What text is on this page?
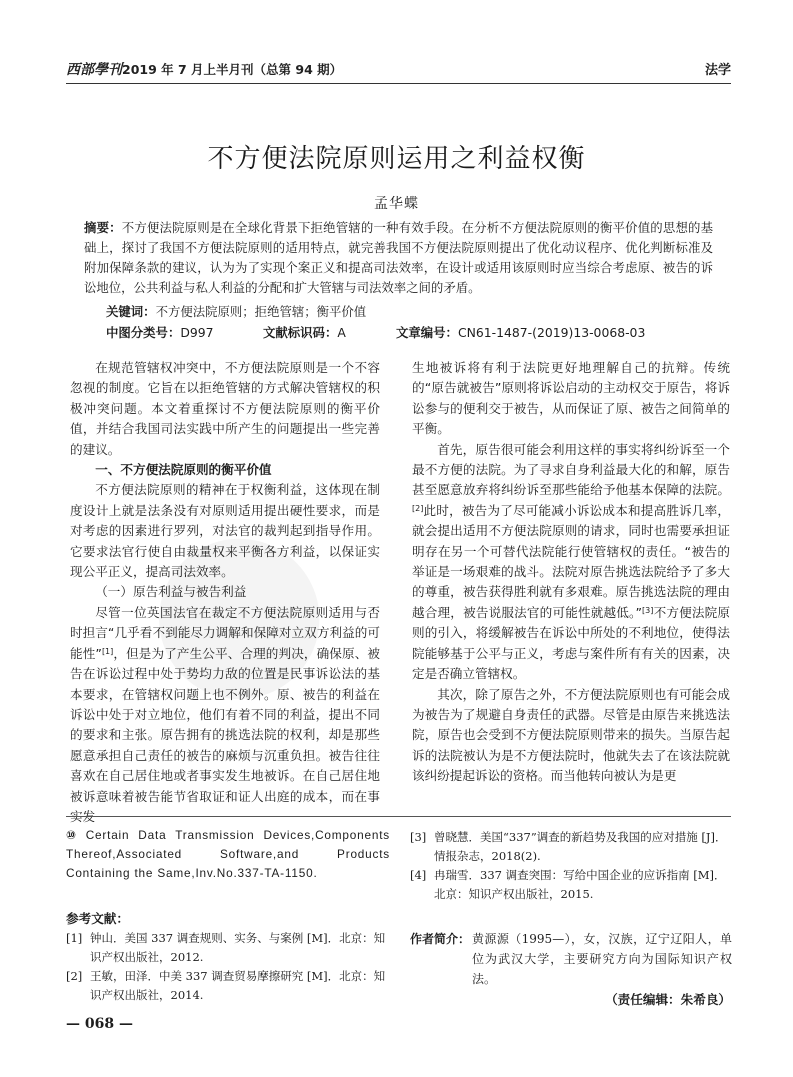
西部學刊2019 年 7 月上半月刊（总第 94 期）	法学
不方便法院原则运用之利益权衡
孟华蝶
摘要：不方便法院原则是在全球化背景下拒绝管辖的一种有效手段。在分析不方便法院原则的衡平价值的思想的基础上，探讨了我国不方便法院原则的适用特点，就完善我国不方便法院原则提出了优化动议程序、优化判断标准及附加保障条款的建议，认为为了实现个案正义和提高司法效率，在设计或适用该原则时应当综合考虑原、被告的诉讼地位，公共利益与私人利益的分配和扩大管辖与司法效率之间的矛盾。
关键词：不方便法院原则；拒绝管辖；衡平价值
中图分类号：D997	文献标识码：A	文章编号：CN61-1487-(2019)13-0068-03

在规范管辖权冲突中，不方便法院原则是一个不容忽视的制度。它旨在以拒绝管辖的方式解决管辖权的积极冲突问题。本文着重探讨不方便法院原则的衡平价值，并结合我国司法实践中所产生的问题提出一些完善的建议。

一、不方便法院原则的衡平价值

不方便法院原则的精神在于权衡利益，这体现在制度设计上就是法条没有对原则适用提出硬性要求，而是对考虑的因素进行罗列，对法官的裁判起到指导作用。它要求法官行使自由裁量权来平衡各方利益，以保证实现公平正义，提高司法效率。

（一）原告利益与被告利益

尽管一位英国法官在裁定不方便法院原则适用与否时担言“几乎看不到能尽力调解和保障对立双方利益的可能性”[1]，但是为了产生公平、合理的判决，确保原、被告在诉讼过程中处于势均力敌的位置是民事诉讼法的基本要求，在管辖权问题上也不例外。原、被告的利益在诉讼中处于对立地位，他们有着不同的利益，提出不同的要求和主张。原告拥有的挑选法院的权利，却是那些愿意承担自己责任的被告的麻烦与沉重负担。被告往往喜欢在自己居住地或者事实发生地被诉。在自己居住地被诉意味着被告能节省取证和证人出庭的成本，而在事实发

生地被诉将有利于法院更好地理解自己的抗辩。传统的“原告就被告”原则将诉讼启动的主动权交于原告，将诉讼参与的便利交于被告，从而保证了原、被告之间简单的平衡。

首先，原告很可能会利用这样的事实将纠纷诉至一个最不方便的法院。为了寻求自身利益最大化的和解，原告甚至愿意放弃将纠纷诉至那些能给予他基本保障的法院。[2]此时，被告为了尽可能减小诉讼成本和提高胜诉几率，就会提出适用不方便法院原则的请求，同时也需要承担证明存在另一个可替代法院能行使管辖权的责任。“被告的举证是一场艰难的战斗。法院对原告挑选法院给予了多大的尊重，被告获得胜利就有多艰难。原告挑选法院的理由越合理，被告说服法官的可能性就越低。”[3]不方便法院原则的引入，将缓解被告在诉讼中所处的不利地位，使得法院能够基于公平与正义，考虑与案件所有有关的因素，决定是否确立管辖权。

其次，除了原告之外，不方便法院原则也有可能会成为被告为了规避自身责任的武器。尽管是由原告来挑选法院，原告也会受到不方便法院原则带来的损失。当原告起诉的法院被认为是不方便法院时，他就失去了在该法院就该纠纷提起诉讼的资格。而当他转向被认为是更

⑩ Certain Data Transmission Devices,Components Thereof,Associated Software,and Products Containing the Same,Inv.No.337-TA-1150.
参考文献：

[1] 钟山．美国 337 调查规则、实务、与案例 [M]．北京：知识产权出版社，2012.

[2] 王敏，田泽．中美 337 调查贸易摩擦研究 [M]．北京：知识产权出版社，2014.

[3] 曾晓慧．美国“337”调查的新趋势及我国的应对措施 [J]．情报杂志，2018(2).

[4] 冉瑞雪．337 调查突围：写给中国企业的应诉指南 [M]．北京：知识产权出版社，2015.

作者简介： 黄源源（1995—），女，汉族，辽宁辽阳人，单位为武汉大学，主要研究方向为国际知识产权法。
（责任编辑：朱希良）
— 068 —
